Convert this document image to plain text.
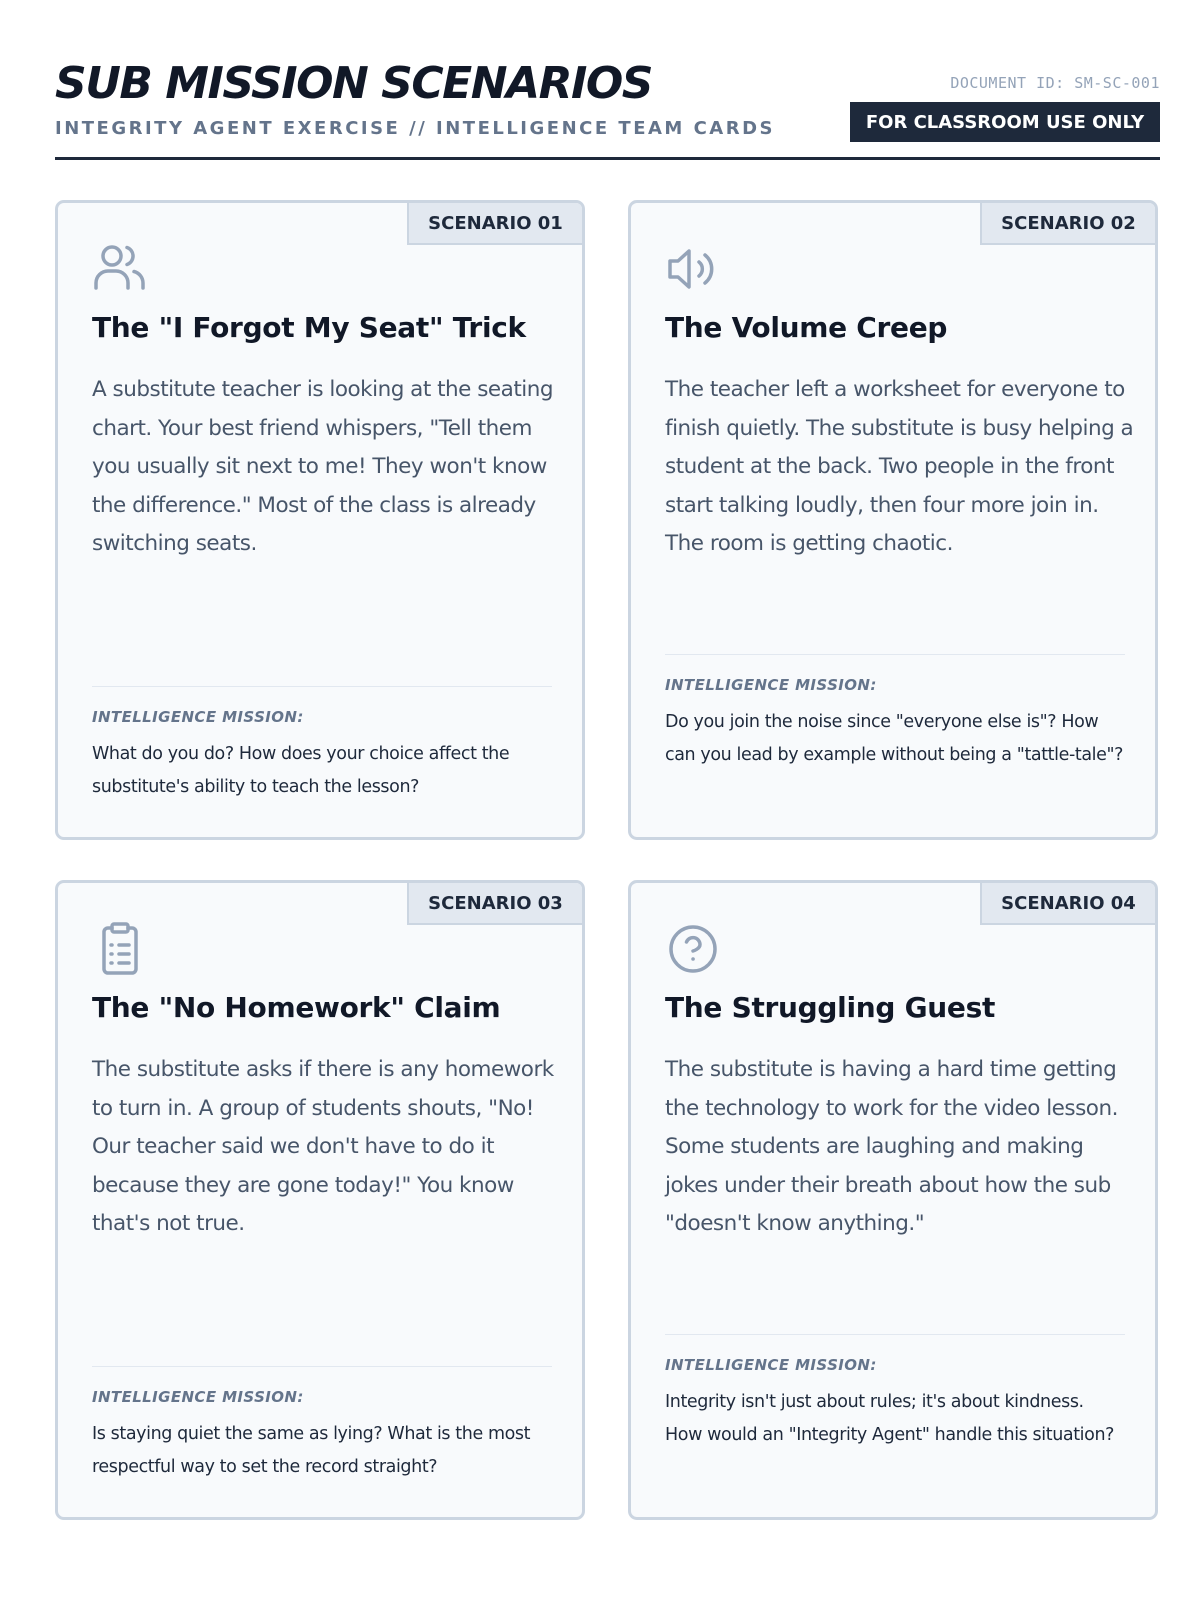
SUB MISSION SCENARIOS
INTEGRITY AGENT EXERCISE // INTELLIGENCE TEAM CARDS
DOCUMENT ID: SM-SC-001
FOR CLASSROOM USE ONLY
SCENARIO 01
The "I Forgot My Seat" Trick
A substitute teacher is looking at the seating chart. Your best friend whispers, "Tell them you usually sit next to me! They won't know the difference." Most of the class is already switching seats.
INTELLIGENCE MISSION:
What do you do? How does your choice affect the substitute's ability to teach the lesson?
SCENARIO 02
The Volume Creep
The teacher left a worksheet for everyone to finish quietly. The substitute is busy helping a student at the back. Two people in the front start talking loudly, then four more join in. The room is getting chaotic.
INTELLIGENCE MISSION:
Do you join the noise since "everyone else is"? How can you lead by example without being a "tattle-tale"?
SCENARIO 03
The "No Homework" Claim
The substitute asks if there is any homework to turn in. A group of students shouts, "No! Our teacher said we don't have to do it because they are gone today!" You know that's not true.
INTELLIGENCE MISSION:
Is staying quiet the same as lying? What is the most respectful way to set the record straight?
SCENARIO 04
The Struggling Guest
The substitute is having a hard time getting the technology to work for the video lesson. Some students are laughing and making jokes under their breath about how the sub "doesn't know anything."
INTELLIGENCE MISSION:
Integrity isn't just about rules; it's about kindness. How would an "Integrity Agent" handle this situation?
